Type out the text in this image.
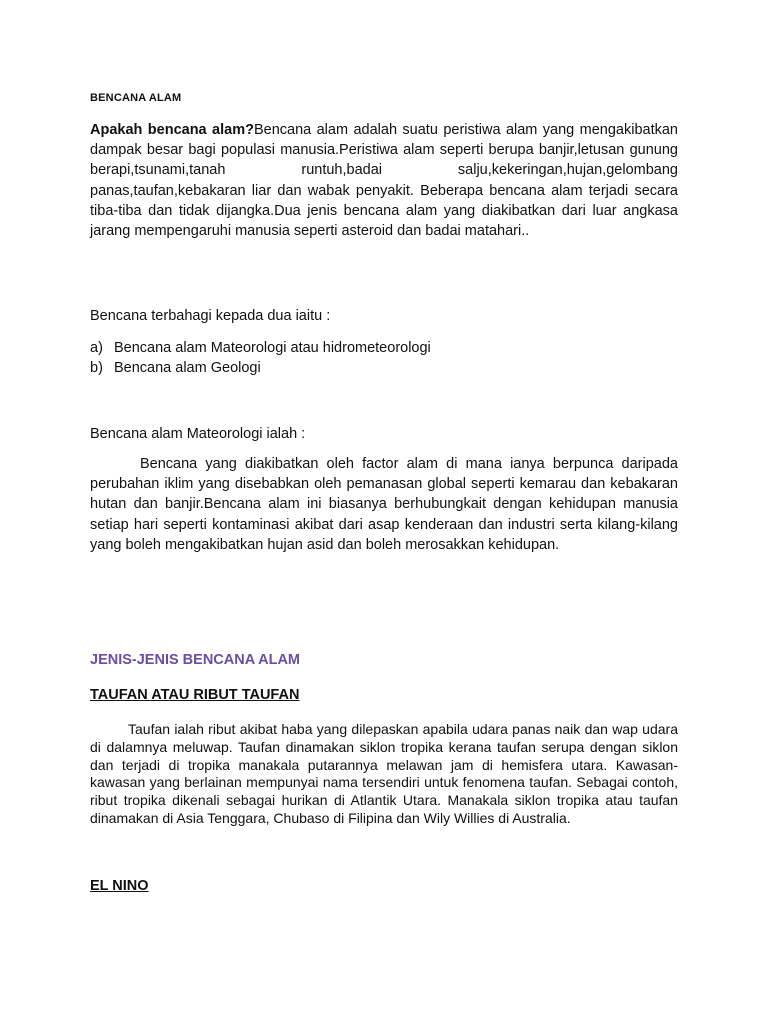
BENCANA ALAM

Apakah bencana alam?Bencana alam adalah suatu peristiwa alam yang mengakibatkan dampak besar bagi populasi manusia.Peristiwa alam seperti berupa banjir,letusan gunung berapi,tsunami,tanah runtuh,badai salju,kekeringan,hujan,gelombang panas,taufan,kebakaran liar dan wabak penyakit. Beberapa bencana alam terjadi secara tiba-tiba dan tidak dijangka.Dua jenis bencana alam yang diakibatkan dari luar angkasa jarang mempengaruhi manusia seperti asteroid dan badai matahari..

Bencana terbahagi kepada dua iaitu :

a) Bencana alam Mateorologi atau hidrometeorologi
b) Bencana alam Geologi

Bencana alam Mateorologi ialah :

Bencana yang diakibatkan oleh factor alam di mana ianya berpunca daripada perubahan iklim yang disebabkan oleh pemanasan global seperti kemarau dan kebakaran hutan dan banjir.Bencana alam ini biasanya berhubungkait dengan kehidupan manusia setiap hari seperti kontaminasi akibat dari asap kenderaan dan industri serta kilang-kilang yang boleh mengakibatkan hujan asid dan boleh merosakkan kehidupan.

JENIS-JENIS BENCANA ALAM
TAUFAN ATAU RIBUT TAUFAN

Taufan ialah ribut akibat haba yang dilepaskan apabila udara panas naik dan wap udara di dalamnya meluwap. Taufan dinamakan siklon tropika kerana taufan serupa dengan siklon dan terjadi di tropika manakala putarannya melawan jam di hemisfera utara. Kawasan-kawasan yang berlainan mempunyai nama tersendiri untuk fenomena taufan. Sebagai contoh, ribut tropika dikenali sebagai hurikan di Atlantik Utara. Manakala siklon tropika atau taufan dinamakan di Asia Tenggara, Chubaso di Filipina dan Wily Willies di Australia.

EL NINO
